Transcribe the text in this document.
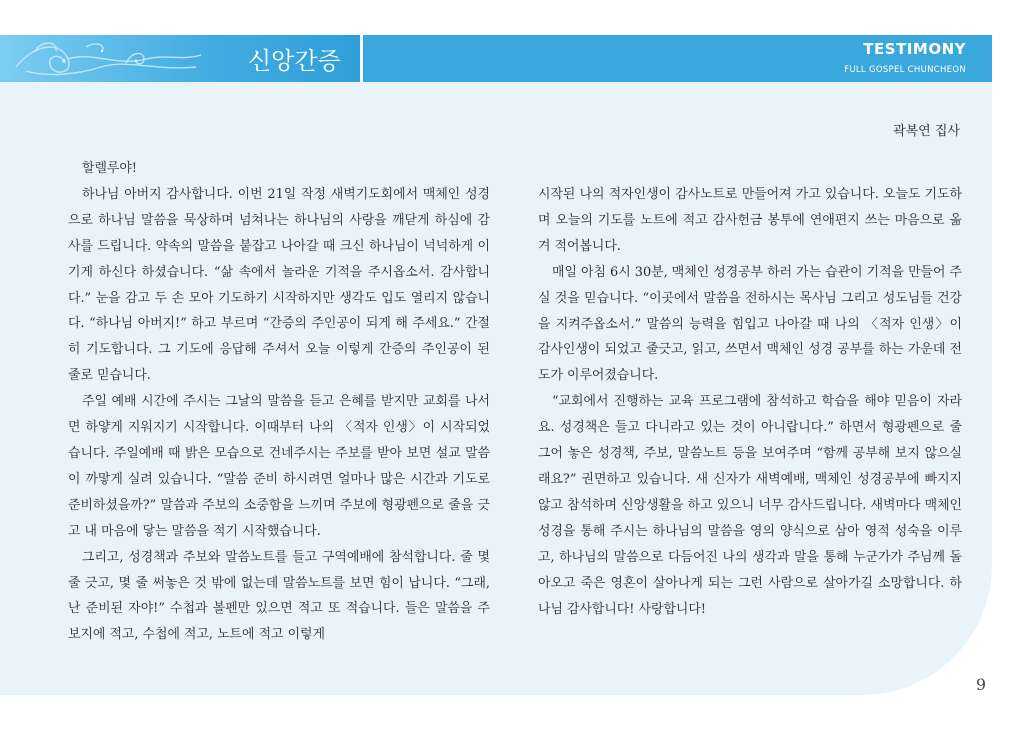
신앙간증	TESTIMONY
FULL GOSPEL CHUNCHEON
곽복연 집사

할렐루야!

하나님 아버지 감사합니다. 이번 21일 작정 새벽기도회에서 맥체인 성경으로 하나님 말씀을 묵상하며 넘쳐나는 하나님의 사랑을 깨닫게 하심에 감사를 드립니다. 약속의 말씀을 붙잡고 나아갈 때 크신 하나님이 넉넉하게 이기게 하신다 하셨습니다. “삶 속에서 놀라운 기적을 주시옵소서. 감사합니다.” 눈을 감고 두 손 모아 기도하기 시작하지만 생각도 입도 열리지 않습니다. “하나님 아버지!” 하고 부르며 “간증의 주인공이 되게 해 주세요.” 간절히 기도합니다. 그 기도에 응답해 주셔서 오늘 이렇게 간증의 주인공이 된 줄로 믿습니다.

주일 예배 시간에 주시는 그날의 말씀을 듣고 은혜를 받지만 교회를 나서면 하얗게 지워지기 시작합니다. 이때부터 나의 〈적자 인생〉이 시작되었습니다. 주일예배 때 밝은 모습으로 건네주시는 주보를 받아 보면 설교 말씀이 까맣게 실려 있습니다. “말씀 준비 하시려면 얼마나 많은 시간과 기도로 준비하셨을까?” 말씀과 주보의 소중함을 느끼며 주보에 형광펜으로 줄을 긋고 내 마음에 닿는 말씀을 적기 시작했습니다.

그리고, 성경책과 주보와 말씀노트를 들고 구역예배에 참석합니다. 줄 몇 줄 긋고, 몇 줄 써놓은 것 밖에 없는데 말씀노트를 보면 힘이 납니다. “그래, 난 준비된 자야!” 수첩과 볼펜만 있으면 적고 또 적습니다. 들은 말씀을 주보지에 적고, 수첩에 적고, 노트에 적고 이렇게

시작된 나의 적자인생이 감사노트로 만들어져 가고 있습니다. 오늘도 기도하며 오늘의 기도를 노트에 적고 감사헌금 봉투에 연애편지 쓰는 마음으로 옮겨 적어봅니다.

매일 아침 6시 30분, 맥체인 성경공부 하러 가는 습관이 기적을 만들어 주실 것을 믿습니다. “이곳에서 말씀을 전하시는 목사님 그리고 성도님들 건강을 지켜주옵소서.” 말씀의 능력을 힘입고 나아갈 때 나의 〈적자 인생〉이 감사인생이 되었고 줄긋고, 읽고, 쓰면서 맥체인 성경 공부를 하는 가운데 전도가 이루어졌습니다.

“교회에서 진행하는 교육 프로그램에 참석하고 학습을 해야 믿음이 자라요. 성경책은 들고 다니라고 있는 것이 아니랍니다.” 하면서 형광펜으로 줄 그어 놓은 성경책, 주보, 말씀노트 등을 보여주며 “함께 공부해 보지 않으실래요?” 권면하고 있습니다. 새 신자가 새벽예배, 맥체인 성경공부에 빠지지 않고 참석하며 신앙생활을 하고 있으니 너무 감사드립니다. 새벽마다 맥체인 성경을 통해 주시는 하나님의 말씀을 영의 양식으로 삼아 영적 성숙을 이루고, 하나님의 말씀으로 다듬어진 나의 생각과 말을 통해 누군가가 주님께 돌아오고 죽은 영혼이 살아나게 되는 그런 사람으로 살아가길 소망합니다. 하나님 감사합니다! 사랑합니다!

9
